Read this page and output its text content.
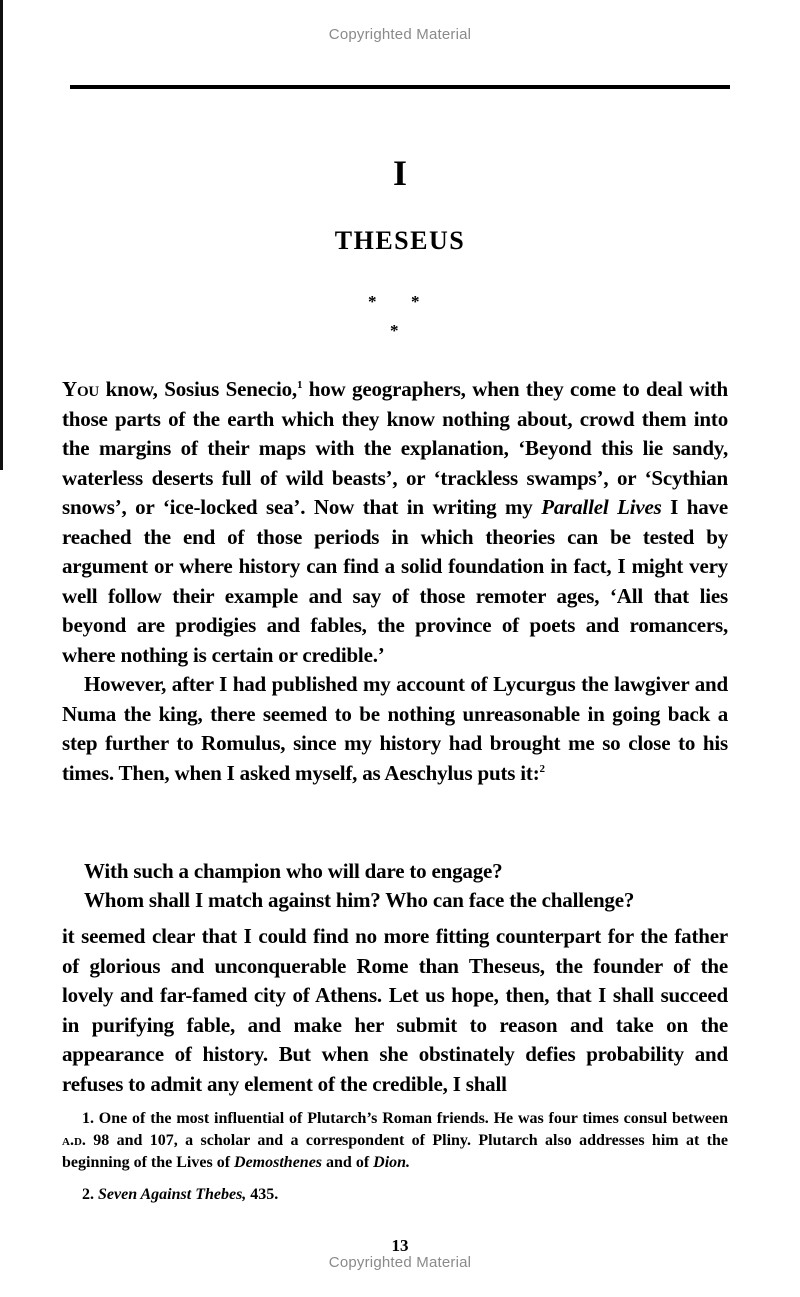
Copyrighted Material
I
THESEUS
* *
*

You know, Sosius Senecio,$^1$ how geographers, when they come to deal with those parts of the earth which they know nothing about, crowd them into the margins of their maps with the explanation, ‘Beyond this lie sandy, waterless deserts full of wild beasts’, or ‘trackless swamps’, or ‘Scythian snows’, or ‘ice-locked sea’. Now that in writing my Parallel Lives I have reached the end of those periods in which theories can be tested by argument or where history can find a solid foundation in fact, I might very well follow their example and say of those remoter ages, ‘All that lies beyond are prodigies and fables, the province of poets and romancers, where nothing is certain or credible.’

However, after I had published my account of Lycurgus the lawgiver and Numa the king, there seemed to be nothing unreasonable in going back a step further to Romulus, since my history had brought me so close to his times. Then, when I asked myself, as Aeschylus puts it:$^2$

With such a champion who will dare to engage?
Whom shall I match against him? Who can face the challenge?

it seemed clear that I could find no more fitting counterpart for the father of glorious and unconquerable Rome than Theseus, the founder of the lovely and far-famed city of Athens. Let us hope, then, that I shall succeed in purifying fable, and make her submit to reason and take on the appearance of history. But when she obstinately defies probability and refuses to admit any element of the credible, I shall

1. One of the most influential of Plutarch’s Roman friends. He was four times consul between a.d. 98 and 107, a scholar and a correspondent of Pliny. Plutarch also addresses him at the beginning of the Lives of Demosthenes and of Dion.

2. Seven Against Thebes, 435.

13
Copyrighted Material
